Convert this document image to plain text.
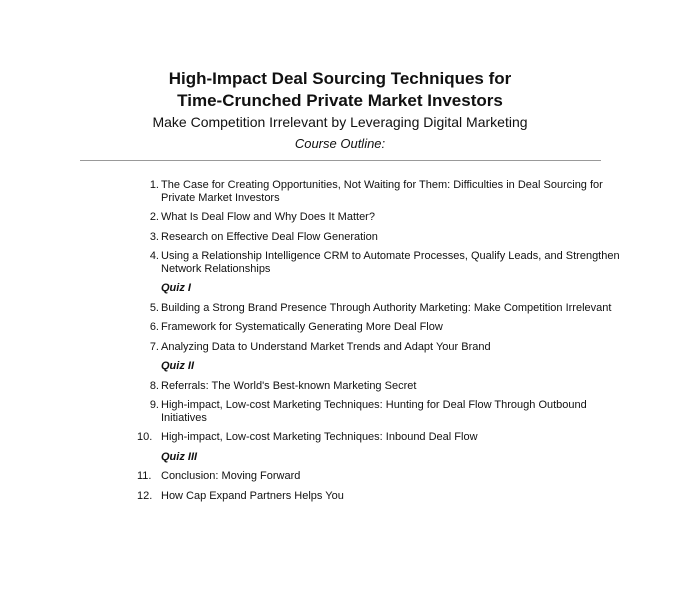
High-Impact Deal Sourcing Techniques for
Time-Crunched Private Market Investors
Make Competition Irrelevant by Leveraging Digital Marketing
Course Outline:
1. The Case for Creating Opportunities, Not Waiting for Them: Difficulties in Deal Sourcing for Private Market Investors
2. What Is Deal Flow and Why Does It Matter?
3. Research on Effective Deal Flow Generation
4. Using a Relationship Intelligence CRM to Automate Processes, Qualify Leads, and Strengthen Network Relationships
Quiz I
5. Building a Strong Brand Presence Through Authority Marketing: Make Competition Irrelevant
6. Framework for Systematically Generating More Deal Flow
7. Analyzing Data to Understand Market Trends and Adapt Your Brand
Quiz II
8. Referrals: The World's Best-known Marketing Secret
9. High-impact, Low-cost Marketing Techniques: Hunting for Deal Flow Through Outbound Initiatives
10. High-impact, Low-cost Marketing Techniques: Inbound Deal Flow
Quiz III
11. Conclusion: Moving Forward
12. How Cap Expand Partners Helps You
